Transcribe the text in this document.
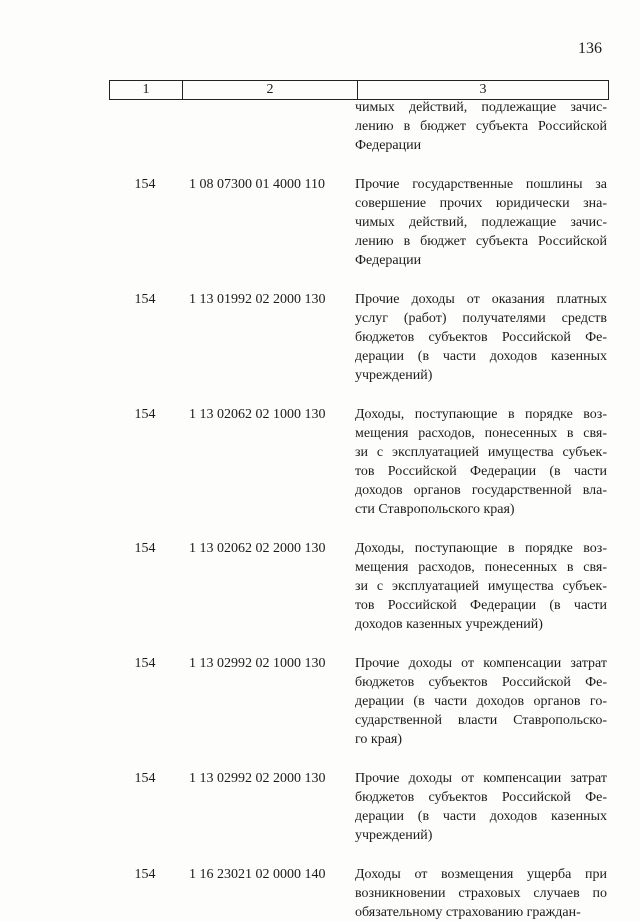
136
1	2	3
чимых действий, подлежащие зачис-
лению в бюджет субъекта Российской
Федерации
154	1 08 07300 01 4000 110	Прочие государственные пошлины за
совершение прочих юридически зна-
чимых действий, подлежащие зачис-
лению в бюджет субъекта Российской
Федерации
154	1 13 01992 02 2000 130	Прочие доходы от оказания платных
услуг (работ) получателями средств
бюджетов субъектов Российской Фе-
дерации (в части доходов казенных
учреждений)
154	1 13 02062 02 1000 130	Доходы, поступающие в порядке воз-
мещения расходов, понесенных в свя-
зи с эксплуатацией имущества субъек-
тов Российской Федерации (в части
доходов органов государственной вла-
сти Ставропольского края)
154	1 13 02062 02 2000 130	Доходы, поступающие в порядке воз-
мещения расходов, понесенных в свя-
зи с эксплуатацией имущества субъек-
тов Российской Федерации (в части
доходов казенных учреждений)
154	1 13 02992 02 1000 130	Прочие доходы от компенсации затрат
бюджетов субъектов Российской Фе-
дерации (в части доходов органов го-
сударственной власти Ставропольско-
го края)
154	1 13 02992 02 2000 130	Прочие доходы от компенсации затрат
бюджетов субъектов Российской Фе-
дерации (в части доходов казенных
учреждений)
154	1 16 23021 02 0000 140	Доходы от возмещения ущерба при
возникновении страховых случаев по
обязательному страхованию граждан-
